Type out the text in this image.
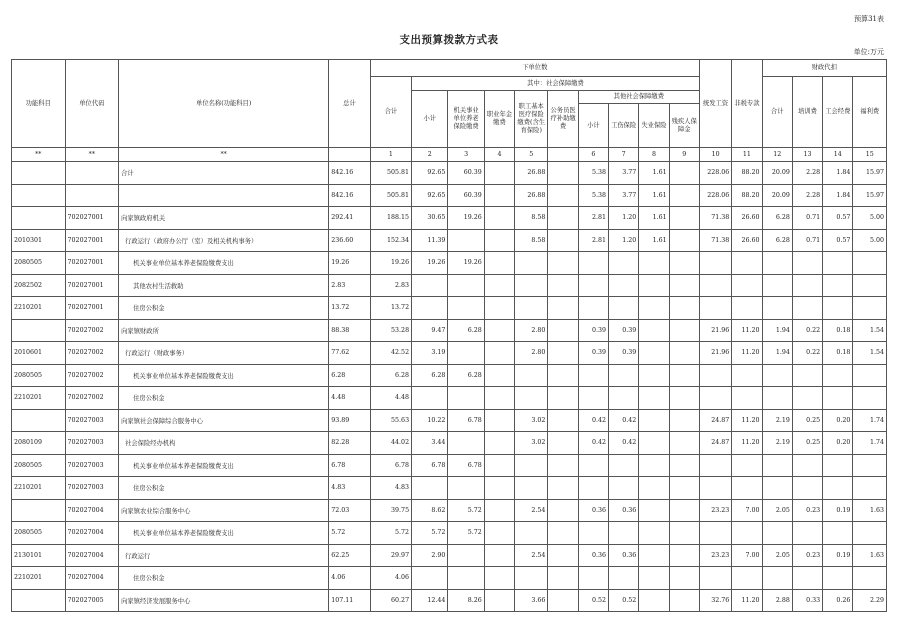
预算31表
支出预算拨款方式表
单位:万元
功能科目	单位代码	单位名称(功能科目)	总计	下单位数										统发工资	非税专款	财政代扣			
				合计	其中：社会保障缴费											合计	培训费	工会经费	福利费
					小计	机关事业单位养老保险缴费	职业年金缴费	职工基本医疗保险缴费(含生育保险)	公务员医疗补助缴费	其他社会保障缴费									
										小计	工伤保险	失业保险	残疾人保障金						
**	**	**		1	2	3	4	5		6	7	8	9	10	11	12	13	14	15
		合计	842.16	505.81	92.65	60.39		26.88		5.38	3.77	1.61		228.06	88.20	20.09	2.28	1.84	15.97
			842.16	505.81	92.65	60.39		26.88		5.38	3.77	1.61		228.06	88.20	20.09	2.28	1.84	15.97
	702027001	向家镇政府机关	292.41	188.15	30.65	19.26		8.58		2.81	1.20	1.61		71.38	26.60	6.28	0.71	0.57	5.00
2010301	702027001	行政运行（政府办公厅（室）及相关机构事务）	236.60	152.34	11.39			8.58		2.81	1.20	1.61		71.38	26.60	6.28	0.71	0.57	5.00
2080505	702027001	机关事业单位基本养老保险缴费支出	19.26	19.26	19.26	19.26													
2082502	702027001	其他农村生活救助	2.83	2.83															
2210201	702027001	住房公积金	13.72	13.72															
	702027002	向家镇财政所	88.38	53.28	9.47	6.28		2.80		0.39	0.39			21.96	11.20	1.94	0.22	0.18	1.54
2010601	702027002	行政运行（财政事务）	77.62	42.52	3.19			2.80		0.39	0.39			21.96	11.20	1.94	0.22	0.18	1.54
2080505	702027002	机关事业单位基本养老保险缴费支出	6.28	6.28	6.28	6.28													
2210201	702027002	住房公积金	4.48	4.48															
	702027003	向家镇社会保障综合服务中心	93.89	55.63	10.22	6.78		3.02		0.42	0.42			24.87	11.20	2.19	0.25	0.20	1.74
2080109	702027003	社会保险经办机构	82.28	44.02	3.44			3.02		0.42	0.42			24.87	11.20	2.19	0.25	0.20	1.74
2080505	702027003	机关事业单位基本养老保险缴费支出	6.78	6.78	6.78	6.78													
2210201	702027003	住房公积金	4.83	4.83															
	702027004	向家镇农业综合服务中心	72.03	39.75	8.62	5.72		2.54		0.36	0.36			23.23	7.00	2.05	0.23	0.19	1.63
2080505	702027004	机关事业单位基本养老保险缴费支出	5.72	5.72	5.72	5.72													
2130101	702027004	行政运行	62.25	29.97	2.90			2.54		0.36	0.36			23.23	7.00	2.05	0.23	0.19	1.63
2210201	702027004	住房公积金	4.06	4.06															
	702027005	向家镇经济发展服务中心	107.11	60.27	12.44	8.26		3.66		0.52	0.52			32.76	11.20	2.88	0.33	0.26	2.29
